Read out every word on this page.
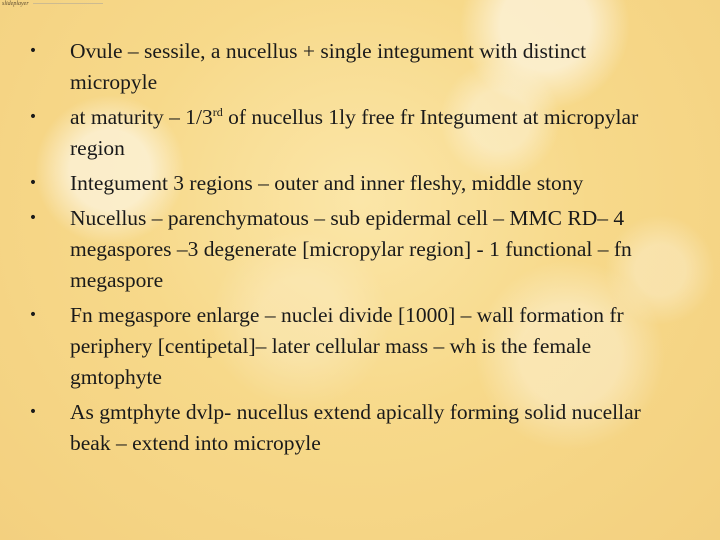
slideplayer
• Ovule – sessile, a nucellus + single integument with distinct micropyle
• at maturity – 1/3rd of nucellus 1ly free fr Integument at micropylar region
• Integument 3 regions – outer and inner fleshy, middle stony
• Nucellus – parenchymatous – sub epidermal cell – MMC RD– 4 megaspores –3 degenerate [micropylar region] - 1 functional – fn megaspore
• Fn megaspore enlarge – nuclei divide [1000] – wall formation fr periphery [centipetal]– later cellular mass – wh is the female gmtophyte
• As gmtphyte dvlp- nucellus extend apically forming solid nucellar beak – extend into micropyle
